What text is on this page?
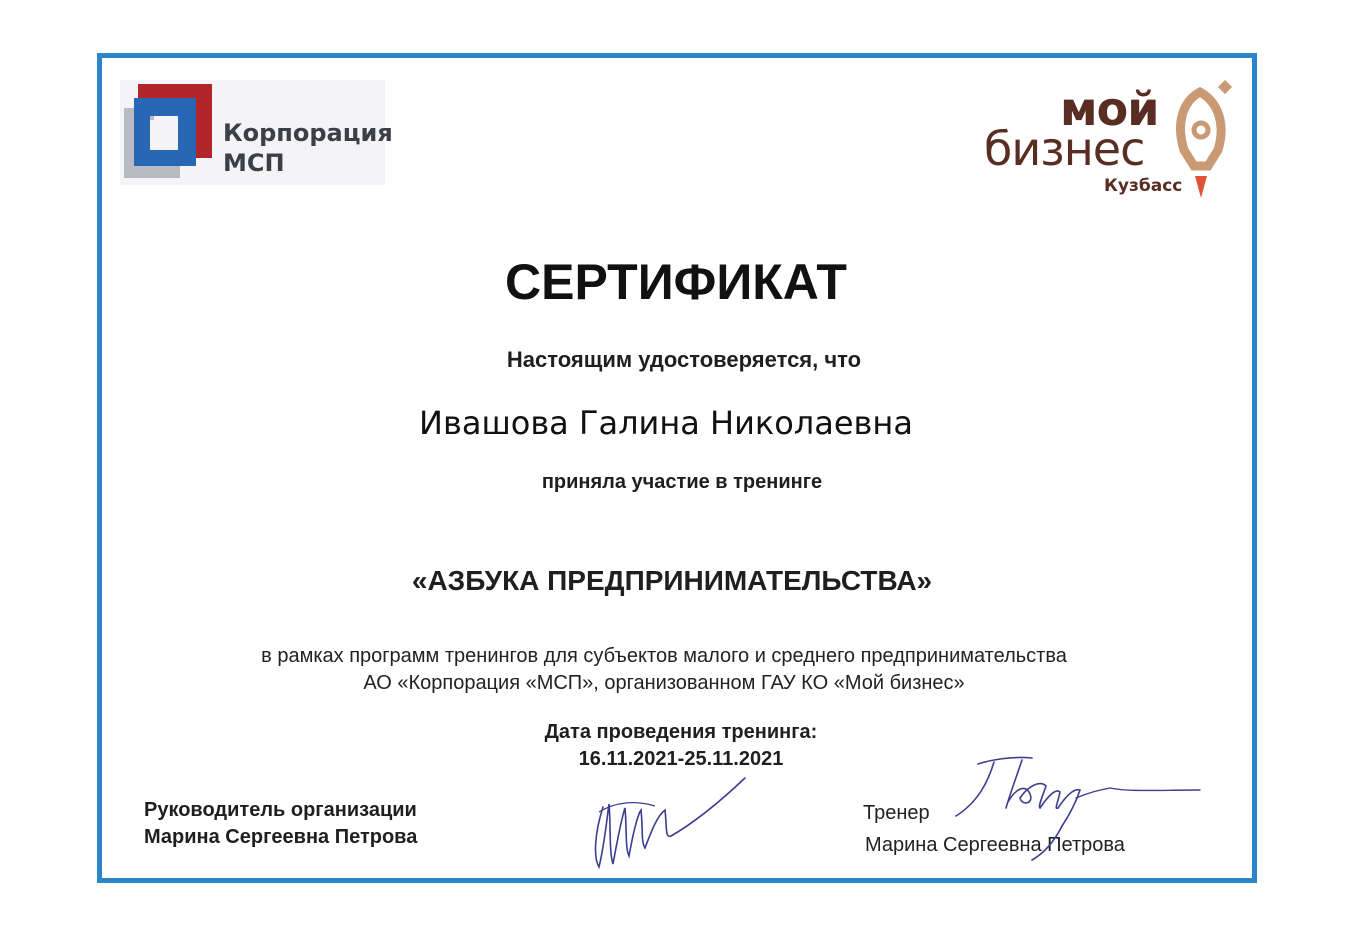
Корпорация
МСП
мой
бизнес
Кузбасс
СЕРТИФИКАТ
Настоящим удостоверяется, что
Ивашова Галина Николаевна
приняла участие в тренинге
«АЗБУКА ПРЕДПРИНИМАТЕЛЬСТВА»
в рамках программ тренингов для субъектов малого и среднего предпринимательства
АО «Корпорация «МСП», организованном ГАУ КО «Мой бизнес»
Дата проведения тренинга:
16.11.2021-25.11.2021
Руководитель организации
Марина Сергеевна Петрова
Тренер
Марина Сергеевна Петрова
